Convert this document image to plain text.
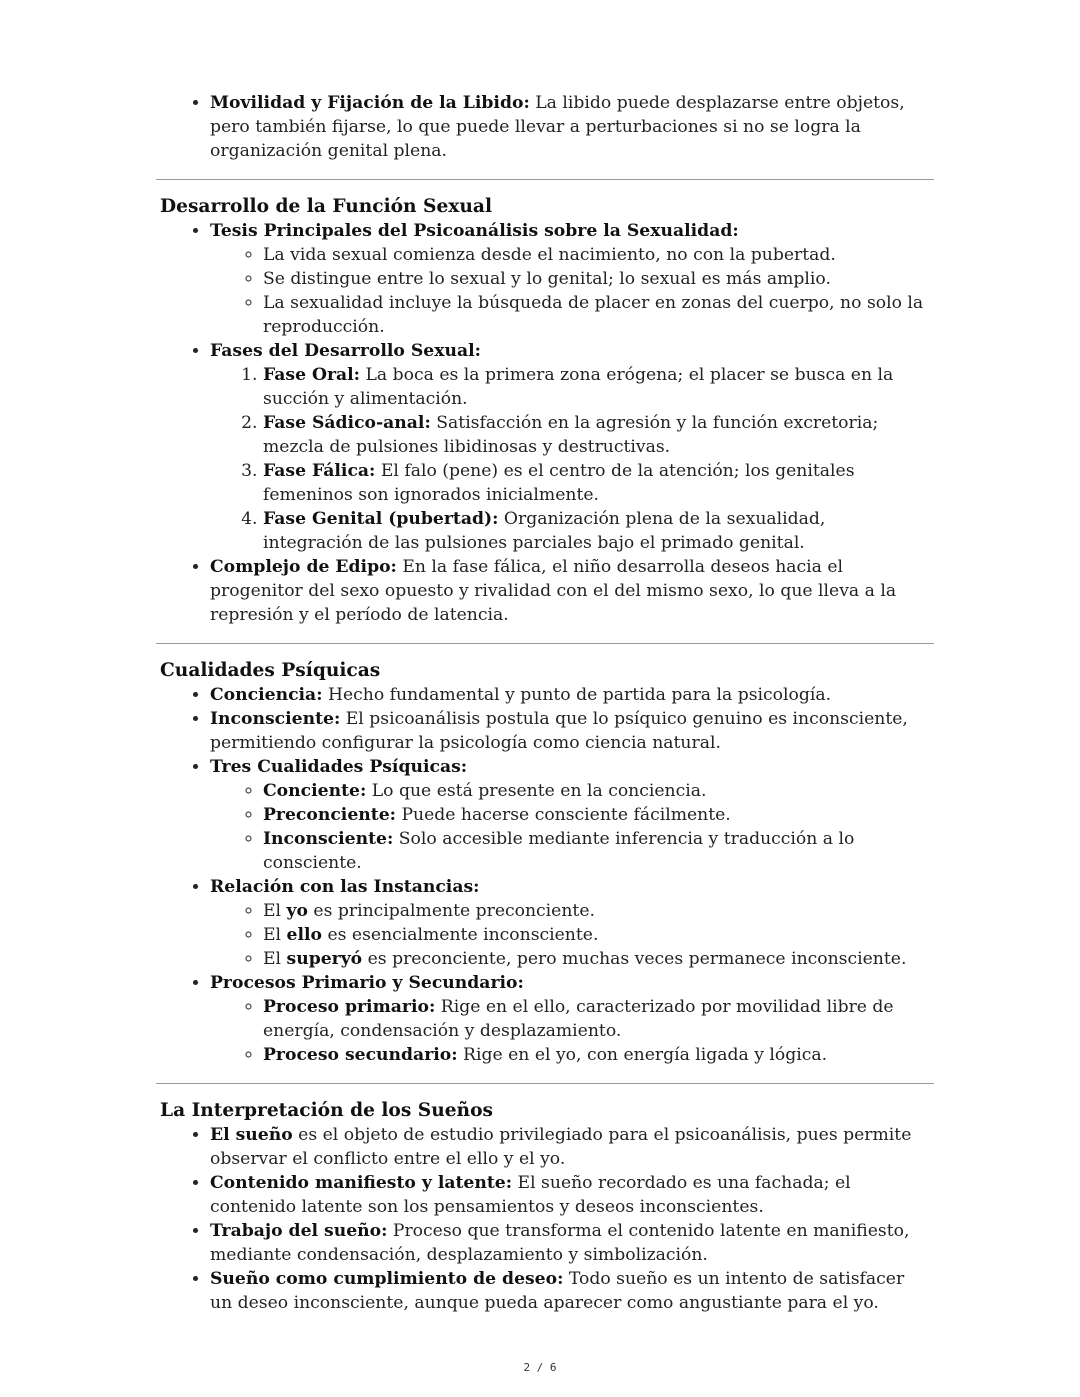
• Movilidad y Fijación de la Libido: La libido puede desplazarse entre objetos, pero también fijarse, lo que puede llevar a perturbaciones si no se logra la organización genital plena.
Desarrollo de la Función Sexual
• Tesis Principales del Psicoanálisis sobre la Sexualidad:
◦ La vida sexual comienza desde el nacimiento, no con la pubertad.
◦ Se distingue entre lo sexual y lo genital; lo sexual es más amplio.
◦ La sexualidad incluye la búsqueda de placer en zonas del cuerpo, no solo la reproducción.
• Fases del Desarrollo Sexual:
1. Fase Oral: La boca es la primera zona erógena; el placer se busca en la succión y alimentación.
2. Fase Sádico-anal: Satisfacción en la agresión y la función excretoria; mezcla de pulsiones libidinosas y destructivas.
3. Fase Fálica: El falo (pene) es el centro de la atención; los genitales femeninos son ignorados inicialmente.
4. Fase Genital (pubertad): Organización plena de la sexualidad, integración de las pulsiones parciales bajo el primado genital.
• Complejo de Edipo: En la fase fálica, el niño desarrolla deseos hacia el progenitor del sexo opuesto y rivalidad con el del mismo sexo, lo que lleva a la represión y el período de latencia.
Cualidades Psíquicas
• Conciencia: Hecho fundamental y punto de partida para la psicología.
• Inconsciente: El psicoanálisis postula que lo psíquico genuino es inconsciente, permitiendo configurar la psicología como ciencia natural.
• Tres Cualidades Psíquicas:
◦ Conciente: Lo que está presente en la conciencia.
◦ Preconciente: Puede hacerse consciente fácilmente.
◦ Inconsciente: Solo accesible mediante inferencia y traducción a lo consciente.
• Relación con las Instancias:
◦ El yo es principalmente preconciente.
◦ El ello es esencialmente inconsciente.
◦ El superyó es preconciente, pero muchas veces permanece inconsciente.
• Procesos Primario y Secundario:
◦ Proceso primario: Rige en el ello, caracterizado por movilidad libre de energía, condensación y desplazamiento.
◦ Proceso secundario: Rige en el yo, con energía ligada y lógica.
La Interpretación de los Sueños
• El sueño es el objeto de estudio privilegiado para el psicoanálisis, pues permite observar el conflicto entre el ello y el yo.
• Contenido manifiesto y latente: El sueño recordado es una fachada; el contenido latente son los pensamientos y deseos inconscientes.
• Trabajo del sueño: Proceso que transforma el contenido latente en manifiesto, mediante condensación, desplazamiento y simbolización.
• Sueño como cumplimiento de deseo: Todo sueño es un intento de satisfacer un deseo inconsciente, aunque pueda aparecer como angustiante para el yo.
2 / 6
